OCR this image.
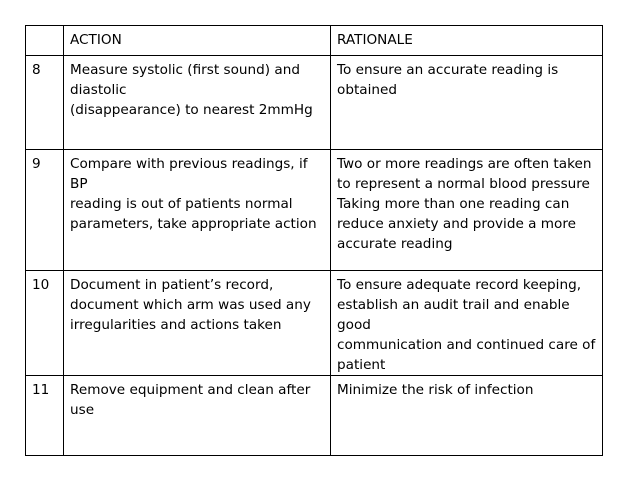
	ACTION	RATIONALE
8	Measure systolic (first sound) and
diastolic
(disappearance) to nearest 2mmHg	To ensure an accurate reading is
obtained
9	Compare with previous readings, if BP
reading is out of patients normal
parameters, take appropriate action	Two or more readings are often taken
to represent a normal blood pressure
Taking more than one reading can
reduce anxiety and provide a more
accurate reading
10	Document in patient’s record,
document which arm was used any
irregularities and actions taken	To ensure adequate record keeping,
establish an audit trail and enable good
communication and continued care of
patient
11	Remove equipment and clean after
use	Minimize the risk of infection
